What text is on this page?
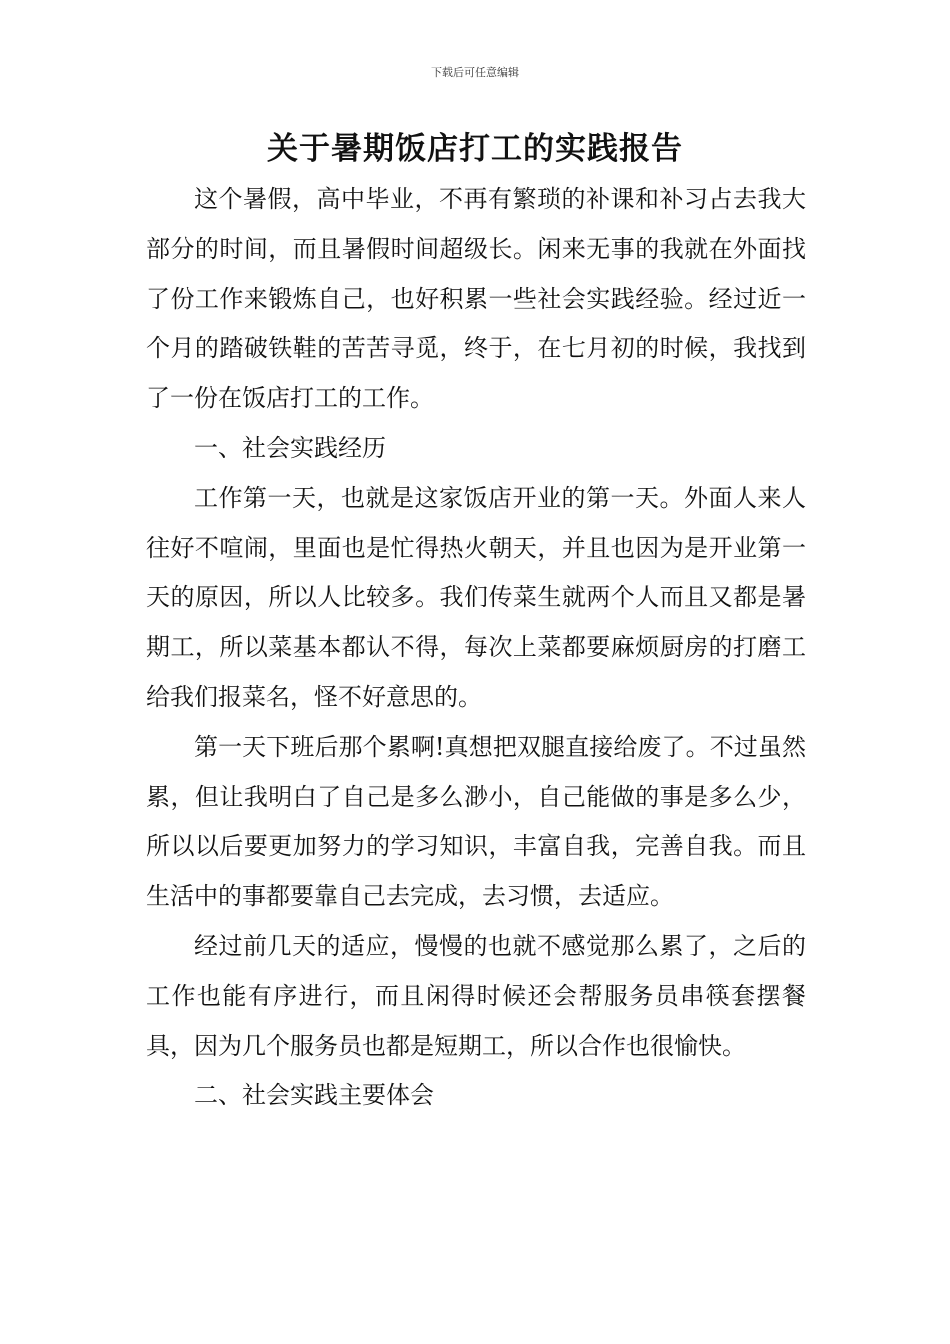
下载后可任意编辑
关于暑期饭店打工的实践报告

这个暑假，高中毕业，不再有繁琐的补课和补习占去我大部分的时间，而且暑假时间超级长。闲来无事的我就在外面找了份工作来锻炼自己，也好积累一些社会实践经验。经过近一个月的踏破铁鞋的苦苦寻觅，终于，在七月初的时候，我找到了一份在饭店打工的工作。

一、社会实践经历

工作第一天，也就是这家饭店开业的第一天。外面人来人往好不喧闹，里面也是忙得热火朝天，并且也因为是开业第一天的原因，所以人比较多。我们传菜生就两个人而且又都是暑期工，所以菜基本都认不得，每次上菜都要麻烦厨房的打磨工给我们报菜名，怪不好意思的。

第一天下班后那个累啊!真想把双腿直接给废了。不过虽然累，但让我明白了自己是多么渺小，自己能做的事是多么少，所以以后要更加努力的学习知识，丰富自我，完善自我。而且生活中的事都要靠自己去完成，去习惯，去适应。

经过前几天的适应，慢慢的也就不感觉那么累了，之后的工作也能有序进行，而且闲得时候还会帮服务员串筷套摆餐具，因为几个服务员也都是短期工，所以合作也很愉快。

二、社会实践主要体会
